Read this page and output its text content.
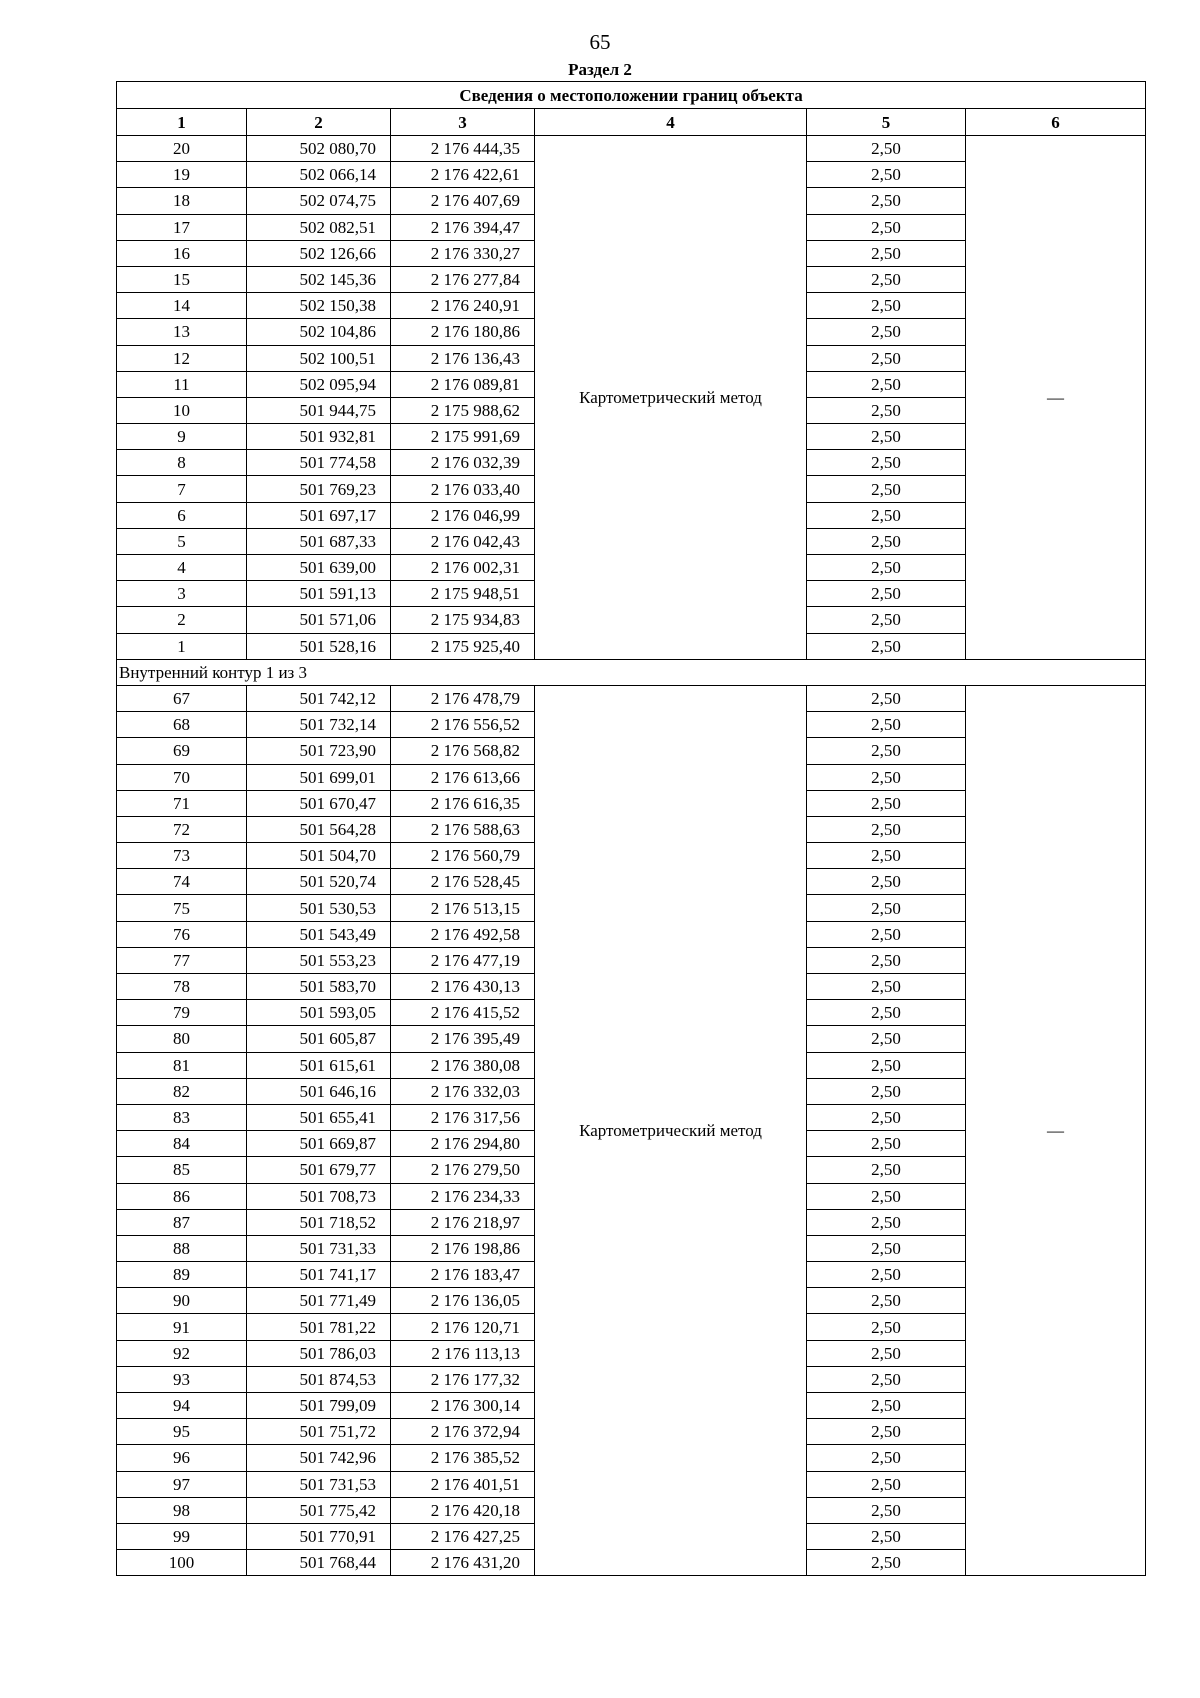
65
Раздел 2
Сведения о местоположении границ объекта					
1	2	3	4	5	6
20	502 080,70	2 176 444,35	Картометрический метод	2,50	—
19	502 066,14	2 176 422,61		2,50	
18	502 074,75	2 176 407,69		2,50	
17	502 082,51	2 176 394,47		2,50	
16	502 126,66	2 176 330,27		2,50	
15	502 145,36	2 176 277,84		2,50	
14	502 150,38	2 176 240,91		2,50	
13	502 104,86	2 176 180,86		2,50	
12	502 100,51	2 176 136,43		2,50	
11	502 095,94	2 176 089,81		2,50	
10	501 944,75	2 175 988,62		2,50	
9	501 932,81	2 175 991,69		2,50	
8	501 774,58	2 176 032,39		2,50	
7	501 769,23	2 176 033,40		2,50	
6	501 697,17	2 176 046,99		2,50	
5	501 687,33	2 176 042,43		2,50	
4	501 639,00	2 176 002,31		2,50	
3	501 591,13	2 175 948,51		2,50	
2	501 571,06	2 175 934,83		2,50	
1	501 528,16	2 175 925,40		2,50	
Внутренний контур 1 из 3					
67	501 742,12	2 176 478,79	Картометрический метод	2,50	—
68	501 732,14	2 176 556,52		2,50	
69	501 723,90	2 176 568,82		2,50	
70	501 699,01	2 176 613,66		2,50	
71	501 670,47	2 176 616,35		2,50	
72	501 564,28	2 176 588,63		2,50	
73	501 504,70	2 176 560,79		2,50	
74	501 520,74	2 176 528,45		2,50	
75	501 530,53	2 176 513,15		2,50	
76	501 543,49	2 176 492,58		2,50	
77	501 553,23	2 176 477,19		2,50	
78	501 583,70	2 176 430,13		2,50	
79	501 593,05	2 176 415,52		2,50	
80	501 605,87	2 176 395,49		2,50	
81	501 615,61	2 176 380,08		2,50	
82	501 646,16	2 176 332,03		2,50	
83	501 655,41	2 176 317,56		2,50	
84	501 669,87	2 176 294,80		2,50	
85	501 679,77	2 176 279,50		2,50	
86	501 708,73	2 176 234,33		2,50	
87	501 718,52	2 176 218,97		2,50	
88	501 731,33	2 176 198,86		2,50	
89	501 741,17	2 176 183,47		2,50	
90	501 771,49	2 176 136,05		2,50	
91	501 781,22	2 176 120,71		2,50	
92	501 786,03	2 176 113,13		2,50	
93	501 874,53	2 176 177,32		2,50	
94	501 799,09	2 176 300,14		2,50	
95	501 751,72	2 176 372,94		2,50	
96	501 742,96	2 176 385,52		2,50	
97	501 731,53	2 176 401,51		2,50	
98	501 775,42	2 176 420,18		2,50	
99	501 770,91	2 176 427,25		2,50	
100	501 768,44	2 176 431,20		2,50	
